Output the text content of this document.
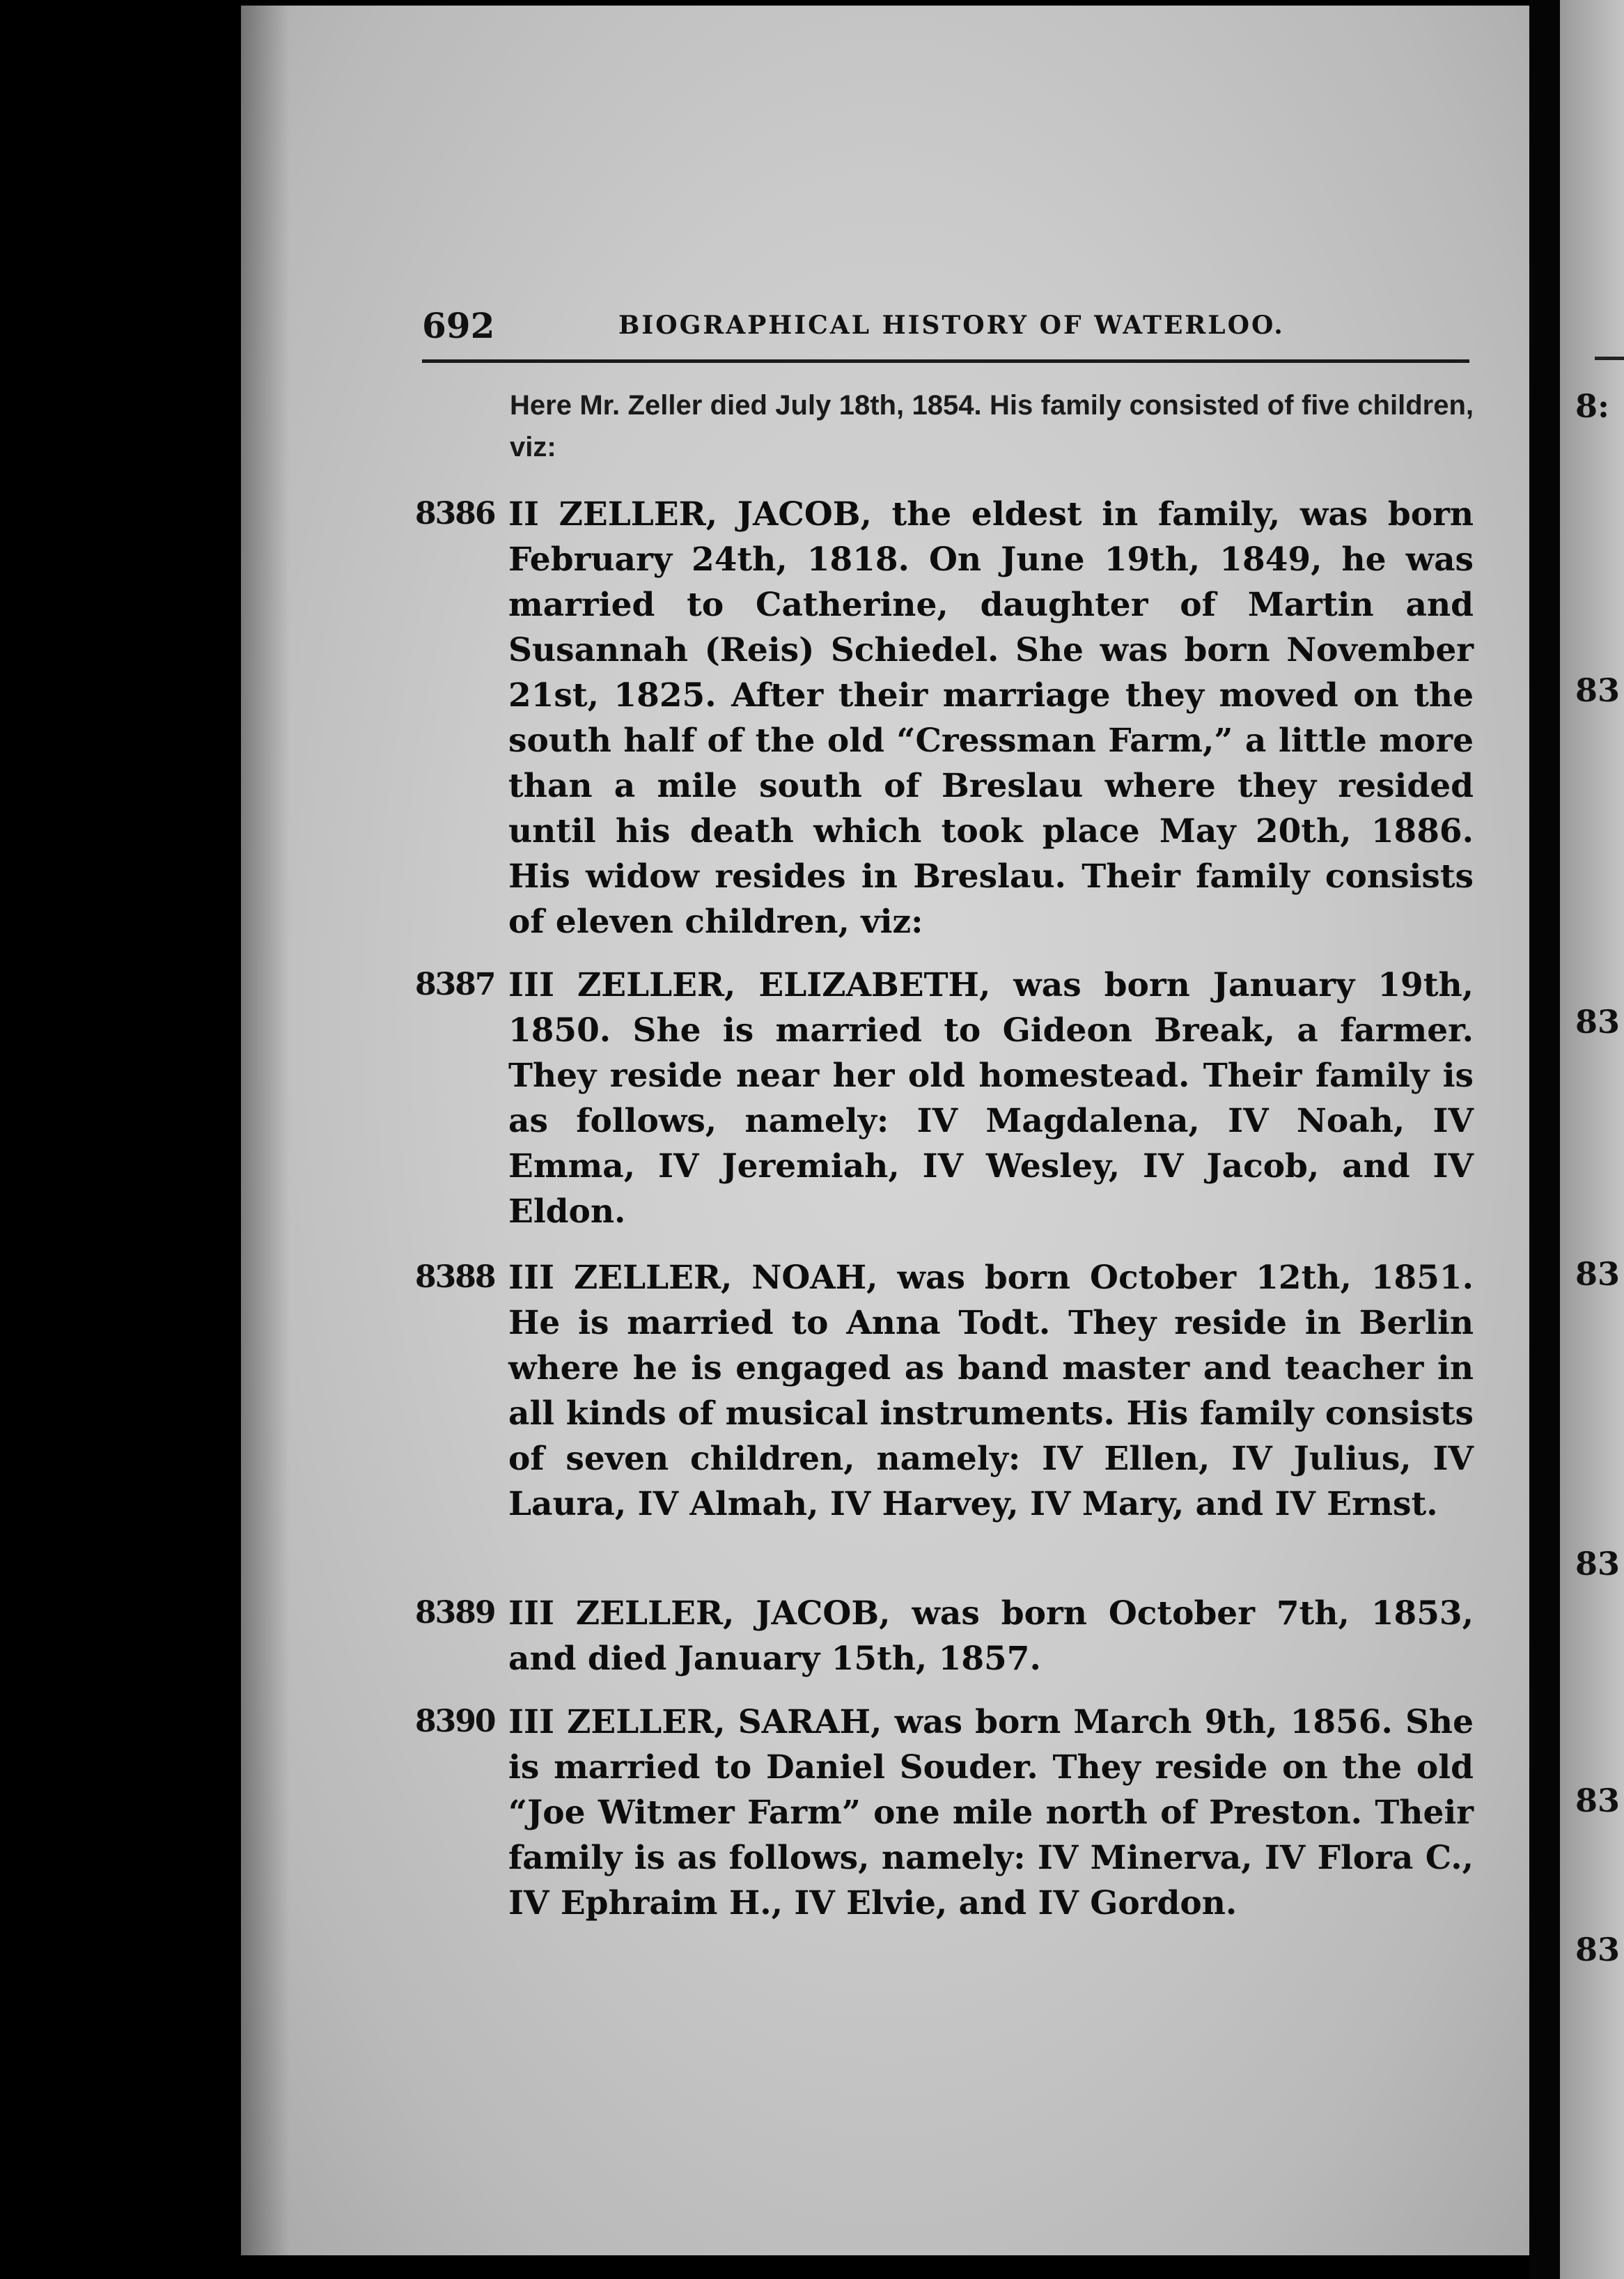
8:
83
83
83
83
83
83
692	BIOGRAPHICAL HISTORY OF WATERLOO.
Here Mr. Zeller died July 18th, 1854. His family consisted of five children, viz:
8386 II ZELLER, JACOB, the eldest in family, was born February 24th, 1818. On June 19th, 1849, he was married to Catherine, daughter of Martin and Susannah (Reis) Schiedel. She was born November 21st, 1825. After their marriage they moved on the south half of the old “Cressman Farm,” a little more than a mile south of Breslau where they resided until his death which took place May 20th, 1886. His widow resides in Breslau. Their family consists of eleven children, viz:
8387 III ZELLER, ELIZABETH, was born January 19th, 1850. She is married to Gideon Break, a farmer. They reside near her old homestead. Their family is as follows, namely: IV Magdalena, IV Noah, IV Emma, IV Jeremiah, IV Wesley, IV Jacob, and IV Eldon.
8388 III ZELLER, NOAH, was born October 12th, 1851. He is married to Anna Todt. They reside in Berlin where he is engaged as band master and teacher in all kinds of musical instruments. His family consists of seven children, namely: IV Ellen, IV Julius, IV Laura, IV Almah, IV Harvey, IV Mary, and IV Ernst.
8389 III ZELLER, JACOB, was born October 7th, 1853, and died January 15th, 1857.
8390 III ZELLER, SARAH, was born March 9th, 1856. She is married to Daniel Souder. They reside on the old “Joe Witmer Farm” one mile north of Preston. Their family is as follows, namely: IV Minerva, IV Flora C., IV Ephraim H., IV Elvie, and IV Gordon.
